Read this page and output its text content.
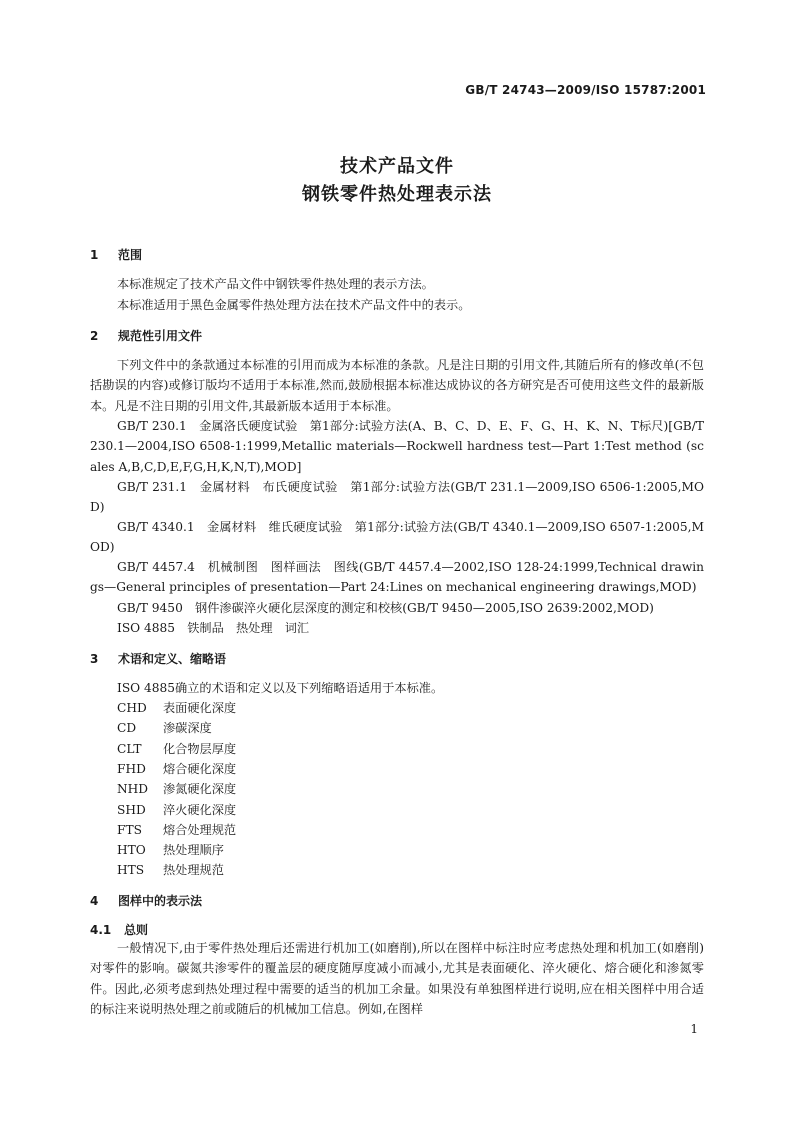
GB/T 24743—2009/ISO 15787:2001
技术产品文件
钢铁零件热处理表示法
1 范围
本标准规定了技术产品文件中钢铁零件热处理的表示方法。
本标准适用于黑色金属零件热处理方法在技术产品文件中的表示。
2 规范性引用文件
下列文件中的条款通过本标准的引用而成为本标准的条款。凡是注日期的引用文件,其随后所有的修改单(不包括勘误的内容)或修订版均不适用于本标准,然而,鼓励根据本标准达成协议的各方研究是否可使用这些文件的最新版本。凡是不注日期的引用文件,其最新版本适用于本标准。
GB/T 230.1　金属洛氏硬度试验　第1部分:试验方法(A、B、C、D、E、F、G、H、K、N、T标尺)[GB/T 230.1—2004,ISO 6508-1:1999,Metallic materials—Rockwell hardness test—Part 1:Test method (scales A,B,C,D,E,F,G,H,K,N,T),MOD]
GB/T 231.1　金属材料　布氏硬度试验　第1部分:试验方法(GB/T 231.1—2009,ISO 6506-1:2005,MOD)
GB/T 4340.1　金属材料　维氏硬度试验　第1部分:试验方法(GB/T 4340.1—2009,ISO 6507-1:2005,MOD)
GB/T 4457.4　机械制图　图样画法　图线(GB/T 4457.4—2002,ISO 128-24:1999,Technical drawings—General principles of presentation—Part 24:Lines on mechanical engineering drawings,MOD)
GB/T 9450　钢件渗碳淬火硬化层深度的测定和校核(GB/T 9450—2005,ISO 2639:2002,MOD)
ISO 4885　铁制品　热处理　词汇
3 术语和定义、缩略语
ISO 4885确立的术语和定义以及下列缩略语适用于本标准。
CHD 表面硬化深度
CD 渗碳深度
CLT 化合物层厚度
FHD 熔合硬化深度
NHD 渗氮硬化深度
SHD 淬火硬化深度
FTS 熔合处理规范
HTO 热处理顺序
HTS 热处理规范
4 图样中的表示法
4.1 总则
一般情况下,由于零件热处理后还需进行机加工(如磨削),所以在图样中标注时应考虑热处理和机加工(如磨削)对零件的影响。碳氮共渗零件的覆盖层的硬度随厚度减小而减小,尤其是表面硬化、淬火硬化、熔合硬化和渗氮零件。因此,必须考虑到热处理过程中需要的适当的机加工余量。如果没有单独图样进行说明,应在相关图样中用合适的标注来说明热处理之前或随后的机械加工信息。例如,在图样
1
